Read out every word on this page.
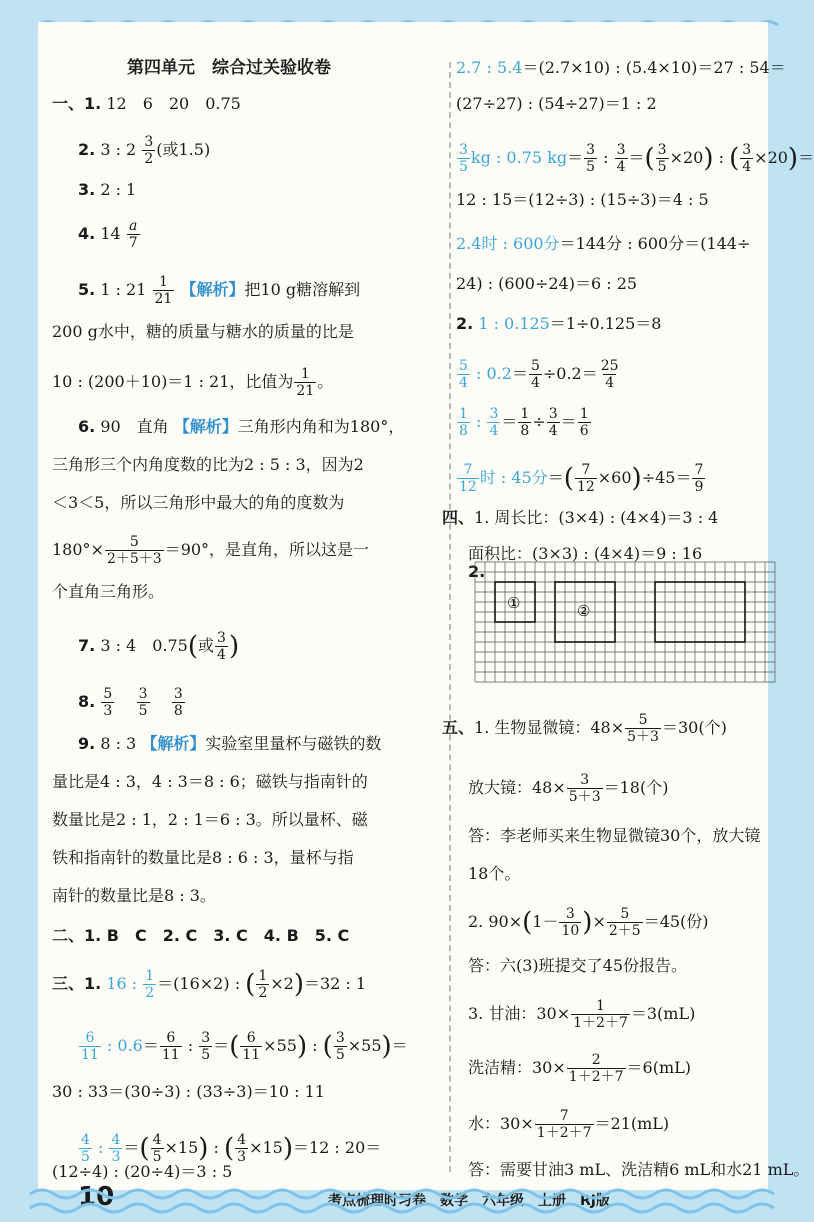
第四单元　综合过关验收卷
一、1. 12　6　20　0.75
2. 3 : $2 \frac{3}{2}$ (或1.5)
3. 2 : 1
4. $14 \frac{a}{7}$
5. 1 : $21 \frac{1}{21}$ 【解析】把10 g糖溶解到
200 g水中，糖的质量与糖水的质量的比是
10 : (200＋10)＝1 : 21，比值为 $\frac{1}{21}$ 。
6. 90　直角 【解析】三角形内角和为180°，
三角形三个内角度数的比为2 : 5 : 3，因为2
＜3＜5，所以三角形中最大的角的度数为
$180^\circ\times \frac{5}{2+5+3} =90^\circ$，是直角，所以这是一
个直角三角形。
7. 3 : 4　0.75(或 $\frac{3}{4}$ )
8. $\frac{5}{3}$
$\frac{3}{5}$
$\frac{3}{8}$
9. 8 : 3 【解析】实验室里量杯与磁铁的数
量比是4 : 3，4 : 3＝8 : 6；磁铁与指南针的
数量比是2 : 1，2 : 1＝6 : 3。所以量杯、磁
铁和指南针的数量比是8 : 6 : 3，量杯与指
南针的数量比是8 : 3。
二、1. B　C　2. C　3. C　4. B　5. C
三、1. 16 : $\frac{1}{2} =(16\times 2)$ : ( $\frac{1}{2} \times 2)=32$ : 1
$\frac{6}{11}$ : $0.6= \frac{6}{11}$ : $\frac{3}{5}$ ＝( $\frac{6}{11} \times 55$) : ( $\frac{3}{5} \times 55)=$
30 : 33＝(30÷3) : (33÷3)＝10 : 11
$\frac{4}{5}$ : $\frac{4}{3}$ ＝( $\frac{4}{5} \times 15$) : ( $\frac{4}{3} \times 15)=12$ : 20＝
(12÷4) : (20÷4)＝3 : 5
2.7 : 5.4＝(2.7×10) : (5.4×10)＝27 : 54＝
(27÷27) : (54÷27)＝1 : 2
$\frac{3}{5}$ kg : 0.75 $kg= \frac{3}{5}$ : $\frac{3}{4}$ ＝( $\frac{3}{5} \times 20$) : ( $\frac{3}{4} \times 20)=$
12 : 15＝(12÷3) : (15÷3)＝4 : 5
2.4时 : 600分＝144分 : 600分＝(144÷
24) : (600÷24)＝6 : 25
2. 1 : 0.125＝1÷0.125＝8
$\frac{5}{4}$ : $0.2= \frac{5}{4} \div 0.2= \frac{25}{4}$
$\frac{1}{8}$ : $\frac{3}{4} = \frac{1}{8} \div \frac{3}{4} = \frac{1}{6}$
$\frac{7}{12}$ 时 : 45分＝( $\frac{7}{12} \times 60)\div 45= \frac{7}{9}$
四、1. 周长比：(3×4) : (4×4)＝3 : 4
面积比：(3×3) : (4×4)＝9 : 16
2.
①	②
五、1. 生物显微镜：$48\times \frac{5}{5+3} =30$(个)
放大镜：$48\times \frac{3}{5+3} =18$(个)
答：李老师买来生物显微镜30个，放大镜
18个。
2. $90\times(1- \frac{3}{10}$ )× $\frac{5}{2+5} =45$(份)
答：六(3)班提交了45份报告。
3. 甘油：$30\times \frac{1}{1+2+7} =3(mL)$
洗洁精：$30\times \frac{2}{1+2+7} =6(mL)$
水：$30\times \frac{7}{1+2+7} =21(mL)$
答：需要甘油3 mL、洗洁精6 mL和水21 mL。
10	考点梳理时习卷　数学　六年级　上册　RJ版
